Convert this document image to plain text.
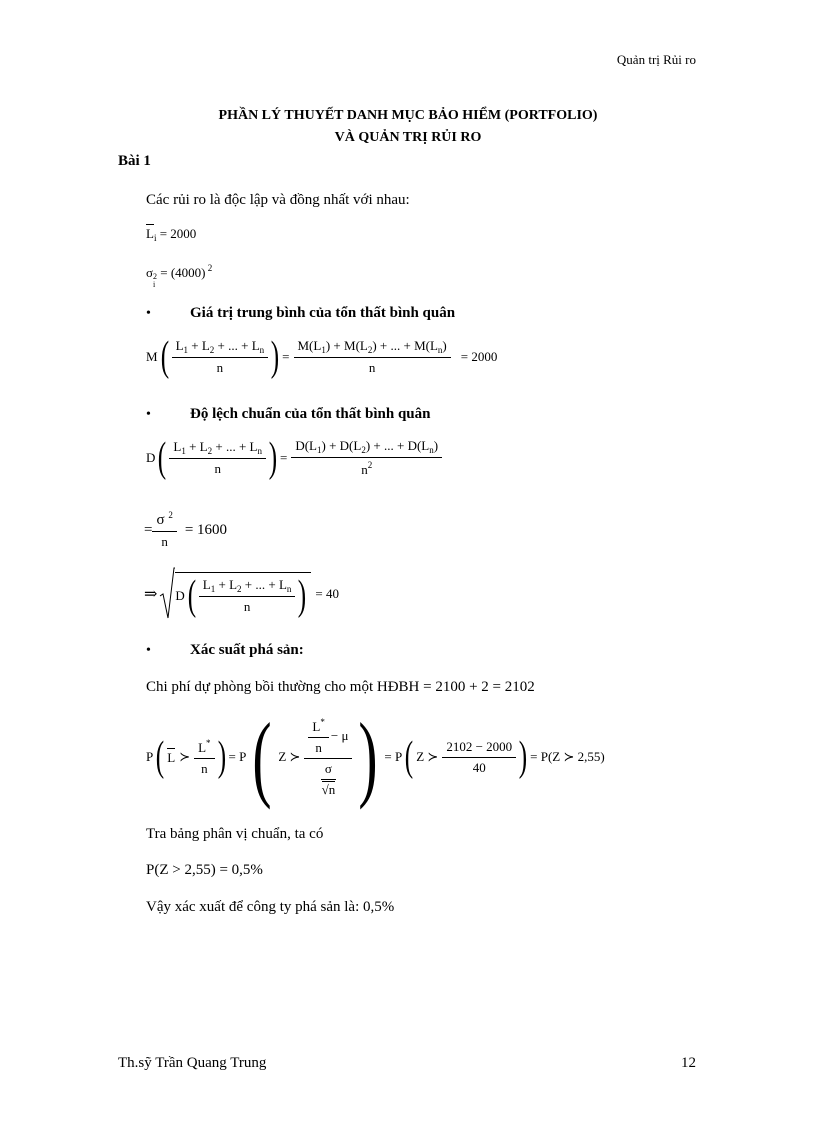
Quản trị Rủi ro
PHẦN LÝ THUYẾT DANH MỤC BẢO HIỂM (PORTFOLIO)
VÀ QUẢN TRỊ RỦI RO
Bài 1
Các rủi ro là độc lập và đồng nhất với nhau:
$L_i = 2000$
σ 2
i
= (4000) $^2$
•	Giá trị trung bình của tổn thất bình quân
M ( $\frac{L_1 + L_2 + ... + L_n}{n}$ ) = $\frac{M(L_1) + M(L_2) + ... + M(L_n)}{n} = 2000$
•	Độ lệch chuẩn của tổn thất bình quân
D ( $\frac{L_1 + L_2 + ... + L_n}{n}$ ) = $\frac{D(L_1) + D(L_2) + ... + D(L_n)}{n^2}$
= $\frac{\sigma ^2}{n} = 1600$
⇒ D ( $\frac{L_1 + L_2 + ... + L_n}{n}$ ) = 40
•	Xác suất phá sản:
Chi phí dự phòng bồi thường cho một HĐBH = 2100 + 2 = 2102
P ( L ≻ $\frac{L^*}{n}$ ) = P ( Z ≻ $\frac{\frac{L^*}{n} - \mu}{\frac{\sigma}{√n}}$ ) = P ( Z ≻ $\frac{2102 - 2000}{40}$ ) = P(Z ≻ 2,55)
Tra bảng phân vị chuẩn, ta có
P(Z > 2,55) = 0,5%
Vậy xác xuất để công ty phá sản là: 0,5%
Th.sỹ Trần Quang Trung	12
